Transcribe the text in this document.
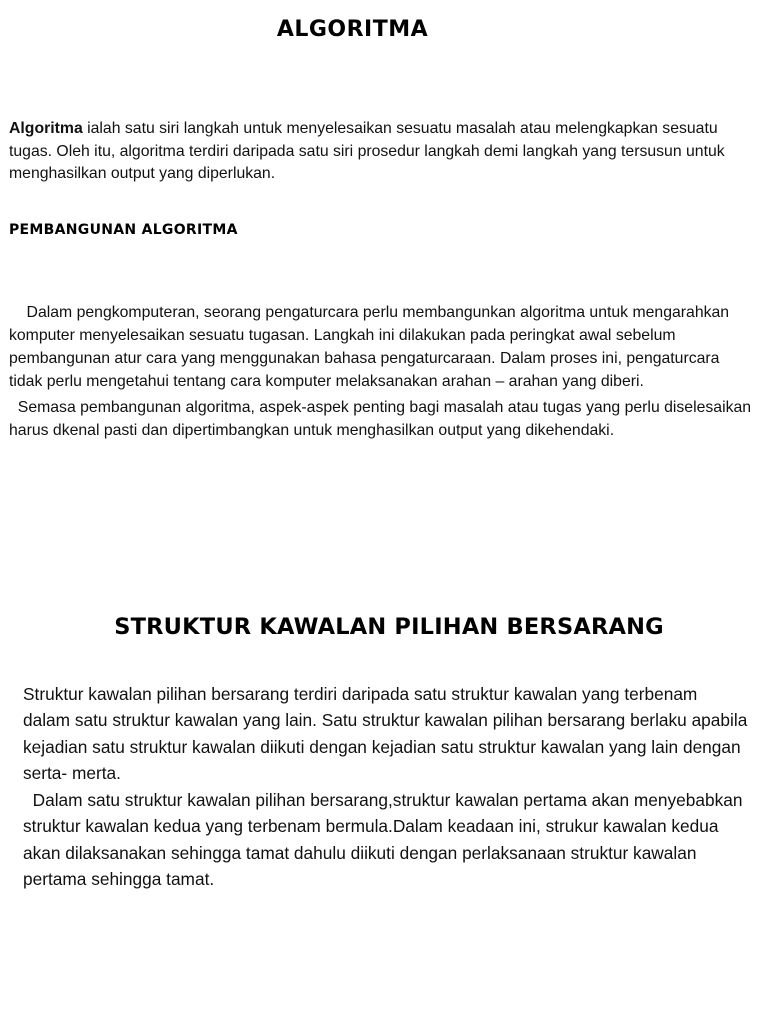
ALGORITMA

Algoritma ialah satu siri langkah untuk menyelesaikan sesuatu masalah atau melengkapkan sesuatu tugas. Oleh itu, algoritma terdiri daripada satu siri prosedur langkah demi langkah yang tersusun untuk menghasilkan output yang diperlukan.

PEMBANGUNAN ALGORITMA

Dalam pengkomputeran, seorang pengaturcara perlu membangunkan algoritma untuk mengarahkan komputer menyelesaikan sesuatu tugasan. Langkah ini dilakukan pada peringkat awal sebelum pembangunan atur cara yang menggunakan bahasa pengaturcaraan. Dalam proses ini, pengaturcara tidak perlu mengetahui tentang cara komputer melaksanakan arahan – arahan yang diberi.

Semasa pembangunan algoritma, aspek-aspek penting bagi masalah atau tugas yang perlu diselesaikan harus dkenal pasti dan dipertimbangkan untuk menghasilkan output yang dikehendaki.

STRUKTUR KAWALAN PILIHAN BERSARANG

Struktur kawalan pilihan bersarang terdiri daripada satu struktur kawalan yang terbenam dalam satu struktur kawalan yang lain. Satu struktur kawalan pilihan bersarang berlaku apabila kejadian satu struktur kawalan diikuti dengan kejadian satu struktur kawalan yang lain dengan serta- merta.

Dalam satu struktur kawalan pilihan bersarang,struktur kawalan pertama akan menyebabkan struktur kawalan kedua yang terbenam bermula.Dalam keadaan ini, strukur kawalan kedua akan dilaksanakan sehingga tamat dahulu diikuti dengan perlaksanaan struktur kawalan pertama sehingga tamat.
